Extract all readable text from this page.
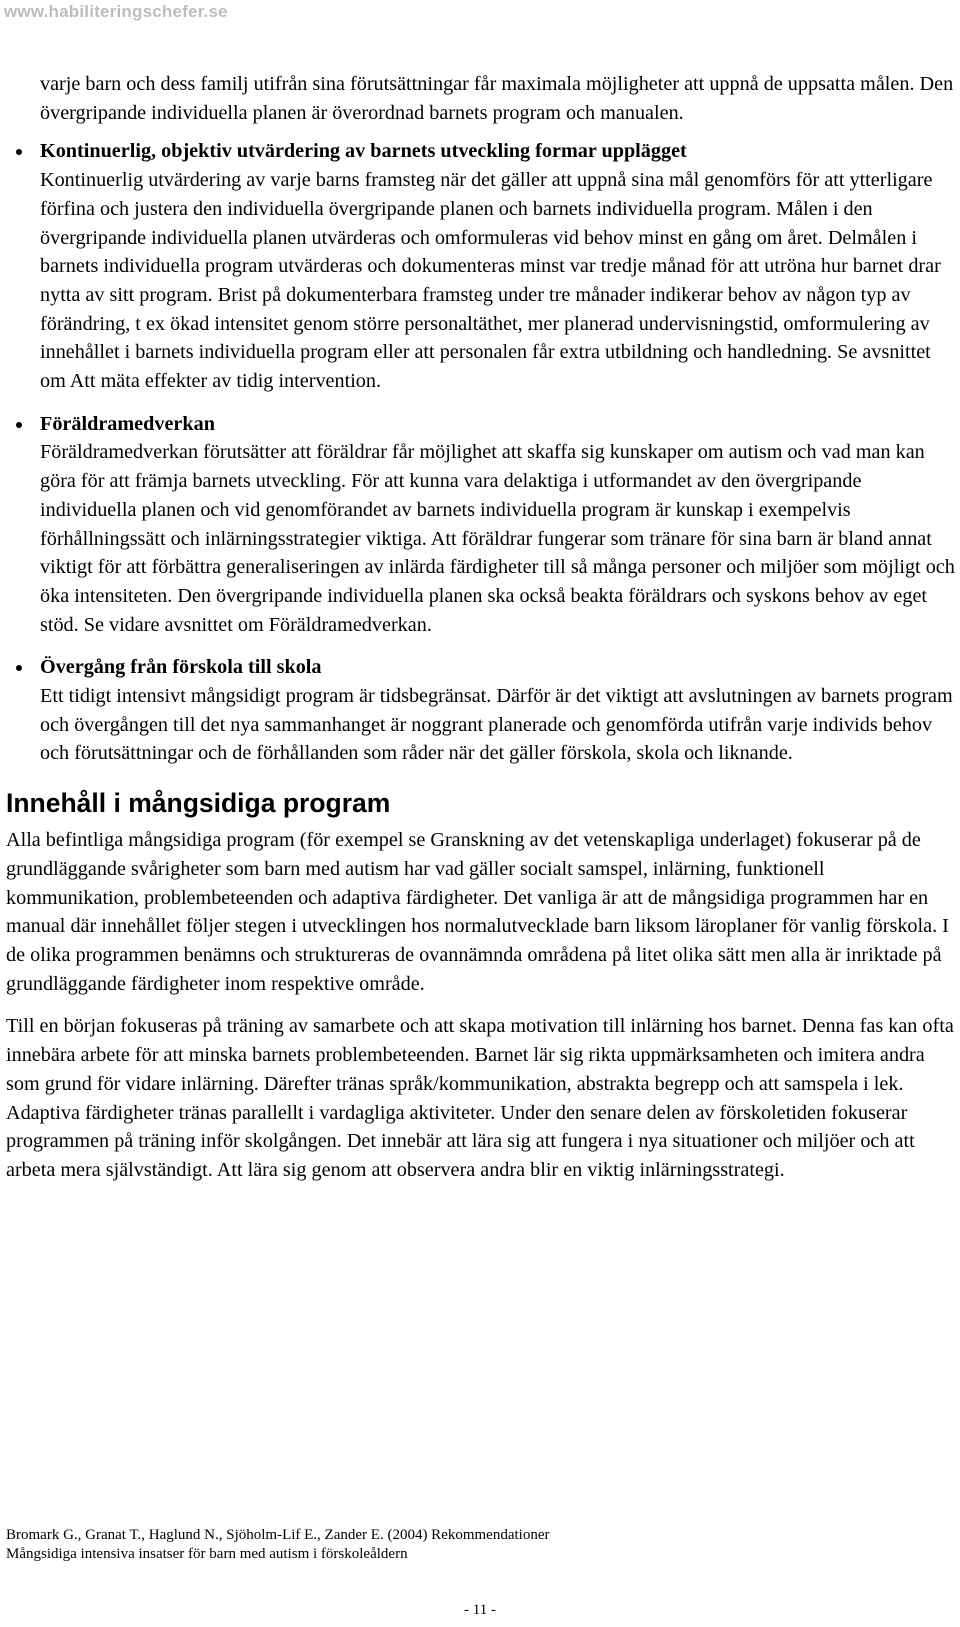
www.habiliteringschefer.se

varje barn och dess familj utifrån sina förutsättningar får maximala möjligheter att uppnå de uppsatta målen. Den övergripande individuella planen är överordnad barnets program och manualen.

Kontinuerlig, objektiv utvärdering av barnets utveckling formar upplägget
Kontinuerlig utvärdering av varje barns framsteg när det gäller att uppnå sina mål genomförs för att ytterligare förfina och justera den individuella övergripande planen och barnets individuella program. Målen i den övergripande individuella planen utvärderas och omformuleras vid behov minst en gång om året. Delmålen i barnets individuella program utvärderas och dokumenteras minst var tredje månad för att utröna hur barnet drar nytta av sitt program. Brist på dokumenterbara framsteg under tre månader indikerar behov av någon typ av förändring, t ex ökad intensitet genom större personaltäthet, mer planerad undervisningstid, omformulering av innehållet i barnets individuella program eller att personalen får extra utbildning och handledning. Se avsnittet om Att mäta effekter av tidig intervention.
Föräldramedverkan
Föräldramedverkan förutsätter att föräldrar får möjlighet att skaffa sig kunskaper om autism och vad man kan göra för att främja barnets utveckling. För att kunna vara delaktiga i utformandet av den övergripande individuella planen och vid genomförandet av barnets individuella program är kunskap i exempelvis förhållningssätt och inlärningsstrategier viktiga. Att föräldrar fungerar som tränare för sina barn är bland annat viktigt för att förbättra generaliseringen av inlärda färdigheter till så många personer och miljöer som möjligt och öka intensiteten. Den övergripande individuella planen ska också beakta föräldrars och syskons behov av eget stöd. Se vidare avsnittet om Föräldramedverkan.
Övergång från förskola till skola
Ett tidigt intensivt mångsidigt program är tidsbegränsat. Därför är det viktigt att avslutningen av barnets program och övergången till det nya sammanhanget är noggrant planerade och genomförda utifrån varje individs behov och förutsättningar och de förhållanden som råder när det gäller förskola, skola och liknande.
Innehåll i mångsidiga program

Alla befintliga mångsidiga program (för exempel se Granskning av det vetenskapliga underlaget) fokuserar på de grundläggande svårigheter som barn med autism har vad gäller socialt samspel, inlärning, funktionell kommunikation, problembeteenden och adaptiva färdigheter. Det vanliga är att de mångsidiga programmen har en manual där innehållet följer stegen i utvecklingen hos normalutvecklade barn liksom läroplaner för vanlig förskola. I de olika programmen benämns och struktureras de ovannämnda områdena på litet olika sätt men alla är inriktade på grundläggande färdigheter inom respektive område.

Till en början fokuseras på träning av samarbete och att skapa motivation till inlärning hos barnet. Denna fas kan ofta innebära arbete för att minska barnets problembeteenden. Barnet lär sig rikta uppmärksamheten och imitera andra som grund för vidare inlärning. Därefter tränas språk/kommunikation, abstrakta begrepp och att samspela i lek. Adaptiva färdigheter tränas parallellt i vardagliga aktiviteter. Under den senare delen av förskoletiden fokuserar programmen på träning inför skolgången. Det innebär att lära sig att fungera i nya situationer och miljöer och att arbeta mera självständigt. Att lära sig genom att observera andra blir en viktig inlärningsstrategi.

Bromark G., Granat T., Haglund N., Sjöholm-Lif E., Zander E. (2004) Rekommendationer
Mångsidiga intensiva insatser för barn med autism i förskoleåldern
- 11 -
